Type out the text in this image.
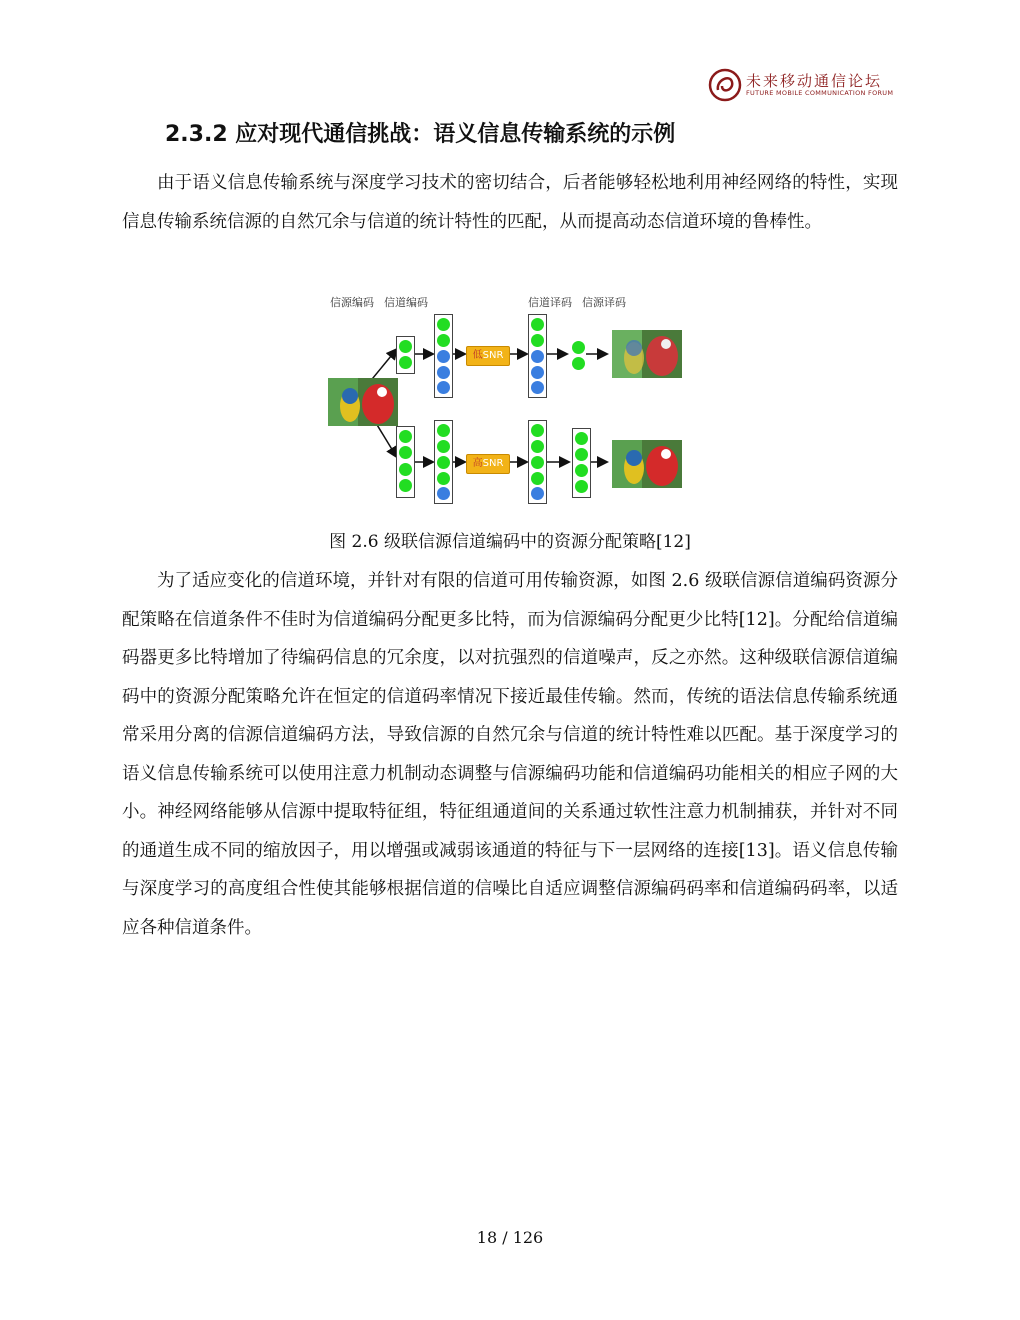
未来移动通信论坛
FUTURE MOBILE COMMUNICATION FORUM
2.3.2 应对现代通信挑战：语义信息传输系统的示例

由于语义信息传输系统与深度学习技术的密切结合，后者能够轻松地利用神经网络的特性，实现信息传输系统信源的自然冗余与信道的统计特性的匹配，从而提高动态信道环境的鲁棒性。

信源编码 信道编码	信道译码 信源译码
低SNR
高SNR

图 2.6 级联信源信道编码中的资源分配策略[12]

为了适应变化的信道环境，并针对有限的信道可用传输资源，如图 2.6 级联信源信道编码资源分配策略在信道条件不佳时为信道编码分配更多比特，而为信源编码分配更少比特[12]。分配给信道编码器更多比特增加了待编码信息的冗余度，以对抗强烈的信道噪声，反之亦然。这种级联信源信道编码中的资源分配策略允许在恒定的信道码率情况下接近最佳传输。然而，传统的语法信息传输系统通常采用分离的信源信道编码方法，导致信源的自然冗余与信道的统计特性难以匹配。基于深度学习的语义信息传输系统可以使用注意力机制动态调整与信源编码功能和信道编码功能相关的相应子网的大小。神经网络能够从信源中提取特征组，特征组通道间的关系通过软性注意力机制捕获，并针对不同的通道生成不同的缩放因子，用以增强或减弱该通道的特征与下一层网络的连接[13]。语义信息传输与深度学习的高度组合性使其能够根据信道的信噪比自适应调整信源编码码率和信道编码码率，以适应各种信道条件。

18 / 126
